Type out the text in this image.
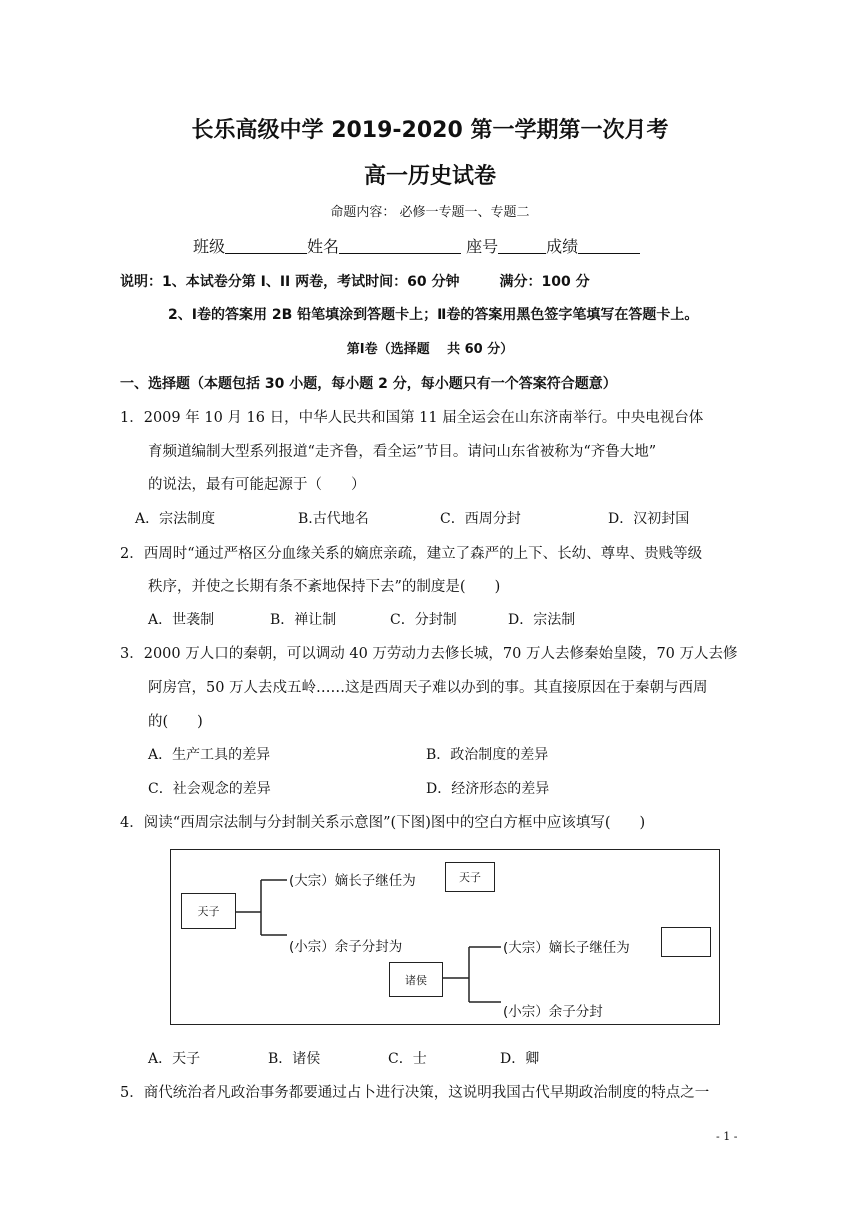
长乐高级中学 2019-2020 第一学期第一次月考
高一历史试卷
命题内容： 必修一专题一、专题二
班级	姓名	座号	成绩
说明：1、本试卷分第 I、II 两卷，考试时间：60 分钟	满分：100 分
2、Ⅰ卷的答案用 2B 铅笔填涂到答题卡上；Ⅱ卷的答案用黑色签字笔填写在答题卡上。
第Ⅰ卷（选择题　 共 60 分）
一、选择题（本题包括 30 小题，每小题 2 分，每小题只有一个答案符合题意）
1．2009 年 10 月 16 日，中华人民共和国第 11 届全运会在山东济南举行。中央电视台体
育频道编制大型系列报道“走齐鲁，看全运”节目。请问山东省被称为“齐鲁大地”
的说法，最有可能起源于（　　）
A．宗法制度	B.古代地名	C．西周分封	D．汉初封国
2．西周时“通过严格区分血缘关系的嫡庶亲疏，建立了森严的上下、长幼、尊卑、贵贱等级
秩序，并使之长期有条不紊地保持下去”的制度是(　　)
A．世袭制	B．禅让制	C．分封制	D．宗法制
3．2000 万人口的秦朝，可以调动 40 万劳动力去修长城，70 万人去修秦始皇陵，70 万人去修
阿房宫，50 万人去戍五岭……这是西周天子难以办到的事。其直接原因在于秦朝与西周
的(　　)
A．生产工具的差异	B．政治制度的差异
C．社会观念的差异	D．经济形态的差异
4．阅读“西周宗法制与分封制关系示意图”(下图)图中的空白方框中应该填写(　　)
天子
(大宗）嫡长子继任为	天子
(小宗）余子分封为
诸侯
(大宗）嫡长子继任为
(小宗）余子分封
A．天子	B．诸侯	C．士	D．卿
5．商代统治者凡政治事务都要通过占卜进行决策，这说明我国古代早期政治制度的特点之一
- 1 -
